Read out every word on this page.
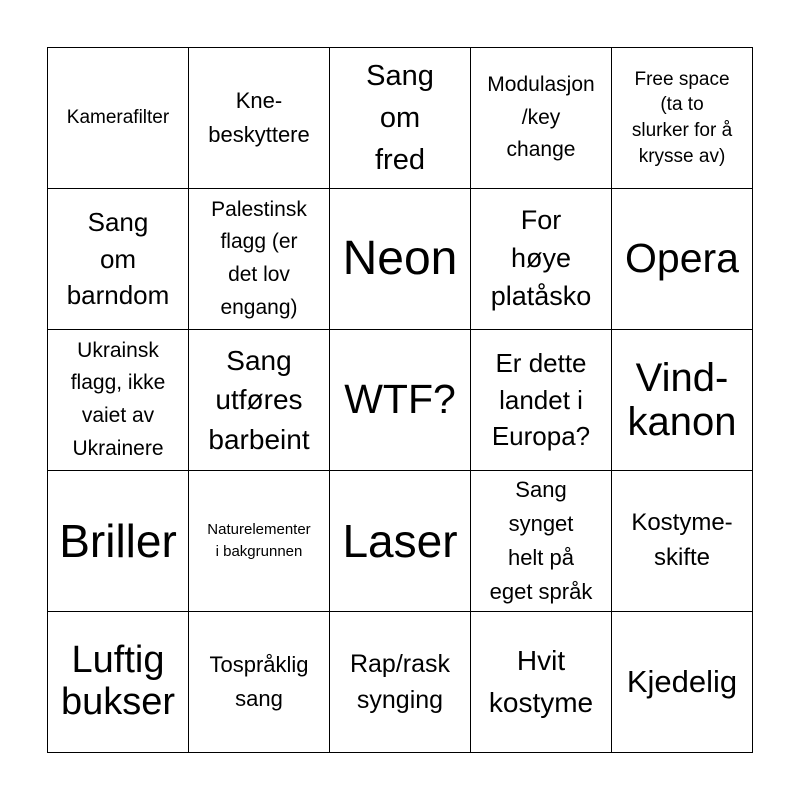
Kamerafilter
Kne-
beskyttere
Sang
om
fred
Modulasjon
/key
change
Free space
(ta to
slurker for å
krysse av)
Sang
om
barndom
Palestinsk
flagg (er
det lov
engang)
Neon
For
høye
platåsko
Opera
Ukrainsk
flagg, ikke
vaiet av
Ukrainere
Sang
utføres
barbeint
WTF?
Er dette
landet i
Europa?
Vind-
kanon
Briller Naturelementer
i bakgrunnen Laser
Sang
synget
helt på
eget språk
Kostyme-
skifte
Luftig
bukser
Tospråklig
sang
Rap/rask
synging
Hvit
kostyme
Kjedelig
